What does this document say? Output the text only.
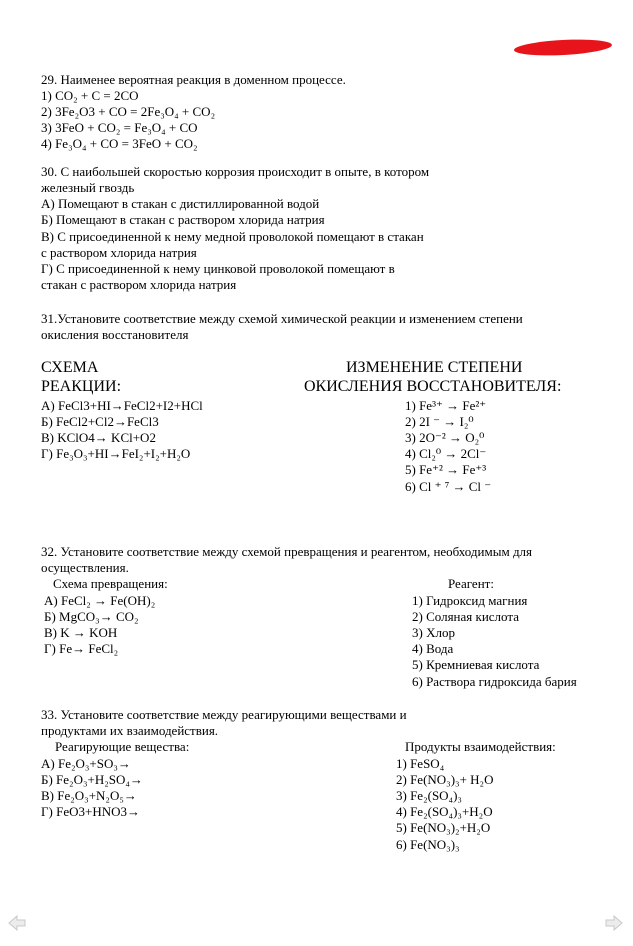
29. Наименее вероятная реакция в доменном процессе.
1) CO₂ + C = 2CO
2) 3Fe₂O3 + CO = 2Fe₃O₄ + CO₂
3) 3FeO + CO₂ = Fe₃O₄ + CO
4) Fe₃O₄ + CO = 3FeO + CO₂
30. С наибольшей скоростью коррозия происходит в опыте, в котором
железный гвоздь
А) Помещают в стакан с дистиллированной водой
Б) Помещают в стакан с раствором хлорида натрия
В) С присоединенной к нему медной проволокой помещают в стакан
с раствором хлорида натрия
Г) С присоединенной к нему цинковой проволокой помещают в
стакан с раствором хлорида натрия
31.Установите соответствие между схемой химической реакции и изменением степени
окисления восстановителя
СХЕМА
РЕАКЦИИ:
ИЗМЕНЕНИЕ СТЕПЕНИ
ОКИСЛЕНИЯ ВОССТАНОВИТЕЛЯ:
А) FeCl3+HI→FeCl2+I2+HCl
Б) FeCl2+Cl2→FeCl3
В) KClO4→ KCl+O2
Г) Fe₃O₃+HI→FeI₂+I₂+H₂O
1) Fe³⁺ → Fe²⁺
2) 2I ⁻ → I₂⁰
3) 2O⁻² → O₂⁰
4) Cl₂⁰ → 2Cl⁻
5) Fe⁺² → Fe⁺³
6) Cl ⁺ ⁷ → Cl ⁻
32. Установите соответствие между схемой превращения и реагентом, необходимым для
осуществления.
Схема превращения:	Реагент:
А) FeCl₂ → Fe(OH)₂
Б) MgCO₃→ CO₂
В) K → KOH
Г) Fe→ FeCl₂
1) Гидроксид магния
2) Соляная кислота
3) Хлор
4) Вода
5) Кремниевая кислота
6) Раствора гидроксида бария
33. Установите соответствие между реагирующими веществами и
продуктами их взаимодействия.
Реагирующие вещества:	Продукты взаимодействия:
А) Fe₂O₃+SO₃→
Б) Fe₂O₃+H₂SO₄→
В) Fe₂O₃+N₂O₅→
Г) FeO3+HNO3→
1) FeSO₄
2) Fe(NO₃)₃+ H₂O
3) Fe₂(SO₄)₃
4) Fe₂(SO₄)₃+H₂O
5) Fe(NO₃)₂+H₂O
6) Fe(NO₃)₃
